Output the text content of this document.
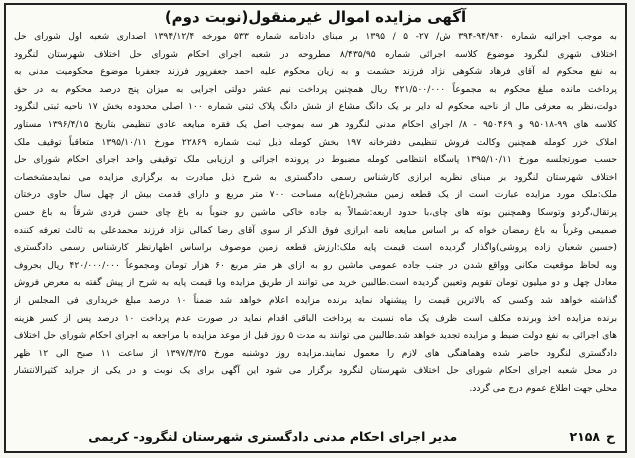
آگهی مزایده اموال غیرمنقول(نوبت دوم)
به موجب اجرائیه شماره ۹۴/۹۴۰-۳۹۴ ش/ ۲۷- ۵ / ۱۳۹۵ بر مبنای دادنامه شماره ۵۳۳ مورخه ۱۳۹۴/۱۲/۴ اصداری شعبه اول شورای حل
اختلاف شهری لنگرود موضوع کلاسه اجرائی شماره ۸/۴۳۵/۹۵ مطروحه در شعبه اجرای احکام شورای حل اختلاف شهرستان لنگرود
به نفع محکوم له آقای فرهاد شکوهی نژاد فرزند حشمت و به زیان محکوم علیه احمد جعفرپور فرزند جعفربا موضوع محکومیت مدنی به
پرداخت مانده مبلغ محکوم به مجموعاً ۴۲۱/۵۰۰/۰۰۰ ریال همچنین پرداخت نیم عشر دولتی اجرایی به میزان پنج درصد محکوم به در حق
دولت،نظر به معرفی مال از ناحیه محکوم له دایر بر یک دانگ مشاع از شش دانگ پلاک ثبتی شماره ۱۰۰ اصلی محدوده بخش ۱۷ ناحیه ثبتی لنگرود
کلاسه های ۹۹-۹۵۰۱۸ و ۹۵۰۴۶۹ - ۸/ اجرای احکام مدنی لنگرود هر سه بموجب اصل یک فقره مبایعه عادی تنظیمی بتاریخ ۱۳۹۶/۴/۱۵ مستاور
املاک خزر کومله همچنین وکالت فروش تنظیمی دفترخانه ۱۹۷ بخش کومله ذیل ثبت شماره ۲۲۸۶۹ مورخ ۱۳۹۵/۱۰/۱۱ متعاقباً توقیف ملک
حسب صورتجلسه مورخ ۱۳۹۵/۱۰/۱۱ پاسگاه انتظامی کومله مضبوط در پرونده اجرائی و ارزیابی ملک توقیفی واحد اجرای احکام شورای حل
اختلاف شهرستان لنگرود بر مبنای نظریه ابرازی کارشناس رسمی دادگستری به شرح ذیل مبادرت به برگزاری مزایده می نمایدمشخصات
ملک:ملک مورد مزایده عبارت است از یک قطعه زمین مشجر(باغ)به مساحت ۷۰۰ متر مربع و دارای قدمت بیش از چهل سال حاوی درختان
پرتقال،گردو وتوسکا وهمچنین بوته های چای،با حدود اربعه:شمالاً به جاده خاکی ماشین رو جنوباً به باغ چای حسن فردی شرقاً به باغ حسن
صمیمی وغرباً به باغ رمضان خواه که بر اساس مبایعه نامه ابرازی فوق الذکر از سوی آقای رضا کمالی نژاد فرزند محمدعلی به ثالث تعرفه کننده
(حسین شعبان زاده پروشی)واگذار گردیده است قیمت پایه ملک:ارزش قطعه زمین موصوف براساس اظهارنظر کارشناس رسمی دادگستری
وبه لحاظ موقعیت مکانی وواقع شدن در جنب جاده عمومی ماشین رو به ازای هر متر مربع ۶۰ هزار تومان ومجموعاً ۴۲۰/۰۰۰/۰۰۰ ریال بحروف
معادل چهل و دو میلیون تومان تقویم وتعیین گردیده است.طالبین خرید می توانند از طریق مزایده وبا قیمت پایه به شرح از پیش گفته به معرض فروش
گذاشته خواهد شد وکسی که بالاترین قیمت را پیشنهاد نماید برنده مزایده اعلام خواهد شد ضمناً ۱۰ درصد مبلغ خریداری فی المجلس از
برنده مزایده اخذ وبرنده مکلف است ظرف یک ماه نسبت به پرداخت الباقی اقدام نماید در صورت عدم پرداخت ۱۰ درصد پس از کسر هزینه
های اجرائی به نفع دولت ضبط و مزایده تجدید خواهد شد.طالبین می توانند به مدت ۵ روز قبل از موعد مزایده با مراجعه به اجرای احکام شورای حل اختلاف
دادگستری لنگرود حاضر شده وهماهنگی های لازم را معمول نمایند.مزایده روز دوشنبه مورخ ۱۳۹۷/۴/۲۵ از ساعت ۱۱ صبح الی ۱۲ ظهر
در محل شعبه اجرای احکام شورای حل اختلاف شهرستان لنگرود برگزار می شود این آگهی برای یک نوبت و در یکی از جراید کثیرالانتشار
محلی جهت اطلاع عموم درج می گردد.
ح
۲۱۵۸
مدیر اجرای احکام مدنی دادگستری شهرستان لنگرود- کریمی
